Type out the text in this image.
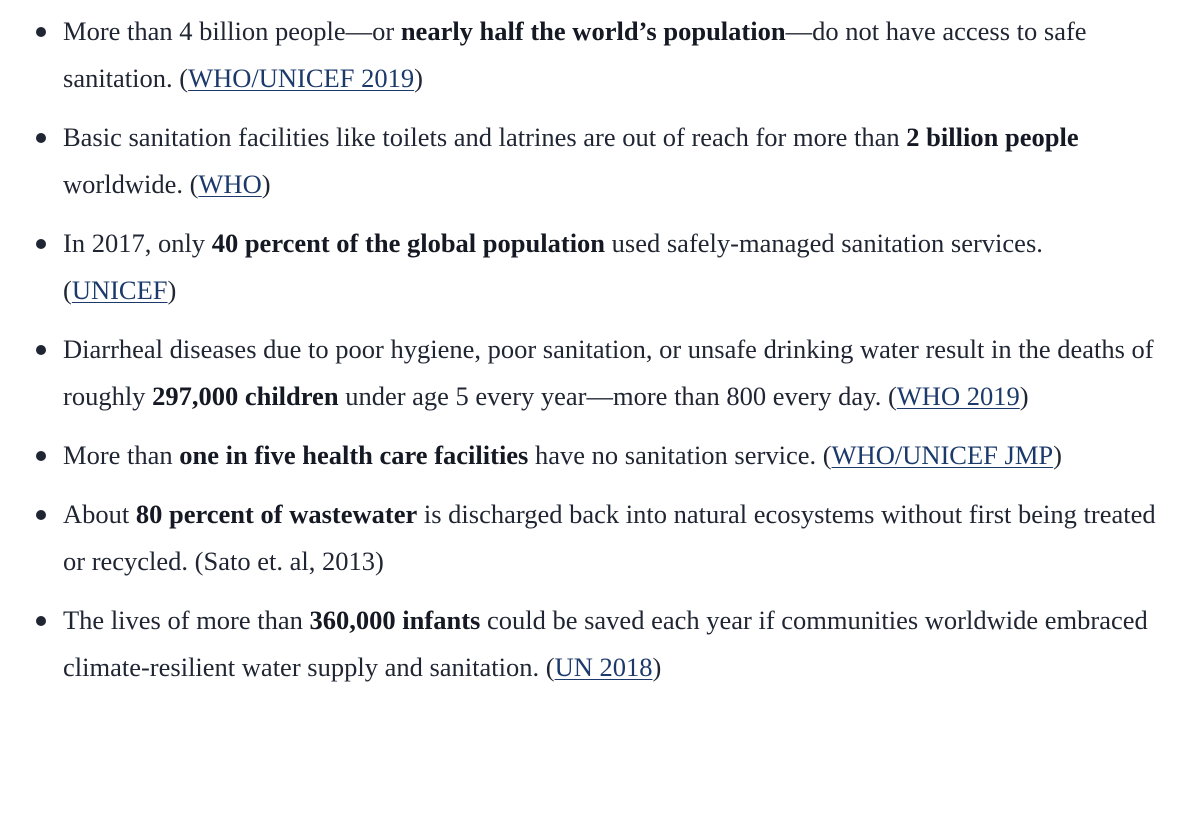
More than 4 billion people—or nearly half the world’s population—do not have access to safe sanitation. (WHO/UNICEF 2019)
Basic sanitation facilities like toilets and latrines are out of reach for more than 2 billion people worldwide. (WHO)
In 2017, only 40 percent of the global population used safely-managed sanitation services. (UNICEF)
Diarrheal diseases due to poor hygiene, poor sanitation, or unsafe drinking water result in the deaths of roughly 297,000 children under age 5 every year—more than 800 every day. (WHO 2019)
More than one in five health care facilities have no sanitation service. (WHO/UNICEF JMP)
About 80 percent of wastewater is discharged back into natural ecosystems without first being treated or recycled. (Sato et. al, 2013)
The lives of more than 360,000 infants could be saved each year if communities worldwide embraced climate-resilient water supply and sanitation. (UN 2018)
